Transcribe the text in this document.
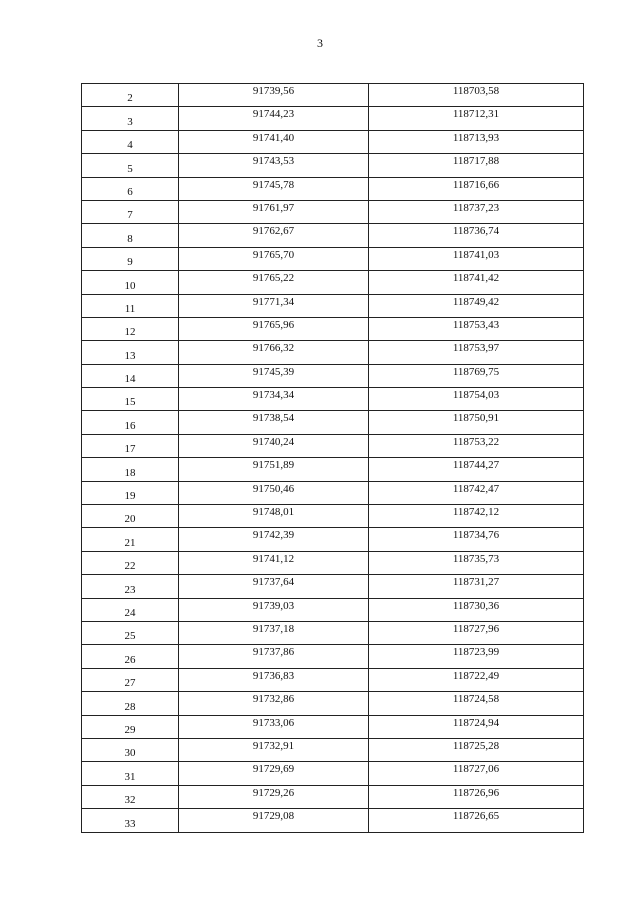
3
2	91739,56	118703,58
3	91744,23	118712,31
4	91741,40	118713,93
5	91743,53	118717,88
6	91745,78	118716,66
7	91761,97	118737,23
8	91762,67	118736,74
9	91765,70	118741,03
10	91765,22	118741,42
11	91771,34	118749,42
12	91765,96	118753,43
13	91766,32	118753,97
14	91745,39	118769,75
15	91734,34	118754,03
16	91738,54	118750,91
17	91740,24	118753,22
18	91751,89	118744,27
19	91750,46	118742,47
20	91748,01	118742,12
21	91742,39	118734,76
22	91741,12	118735,73
23	91737,64	118731,27
24	91739,03	118730,36
25	91737,18	118727,96
26	91737,86	118723,99
27	91736,83	118722,49
28	91732,86	118724,58
29	91733,06	118724,94
30	91732,91	118725,28
31	91729,69	118727,06
32	91729,26	118726,96
33	91729,08	118726,65
